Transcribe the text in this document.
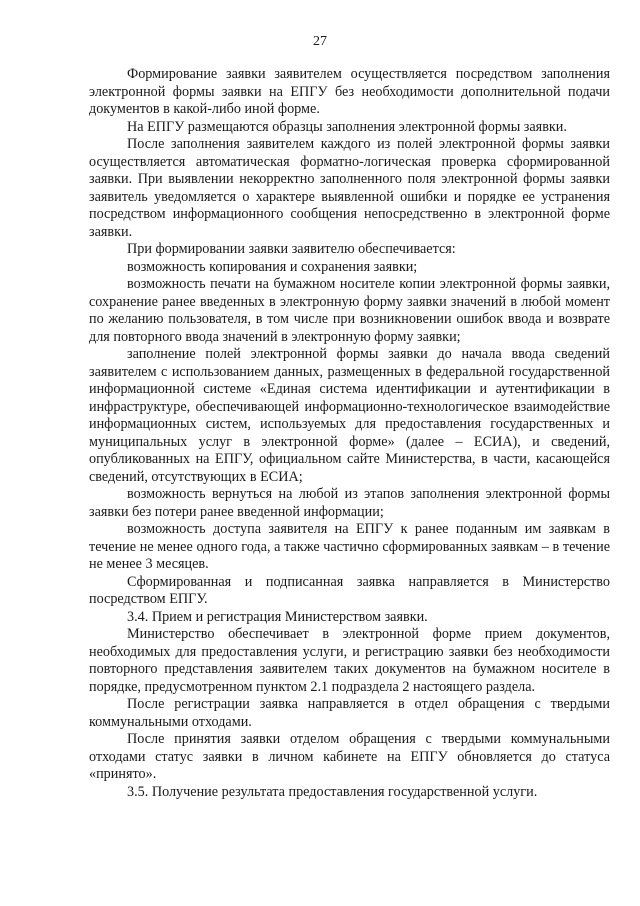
27

Формирование заявки заявителем осуществляется посредством заполнения электронной формы заявки на ЕПГУ без необходимости дополнительной подачи документов в какой-либо иной форме.

На ЕПГУ размещаются образцы заполнения электронной формы заявки.

После заполнения заявителем каждого из полей электронной формы заявки осуществляется автоматическая форматно-логическая проверка сформированной заявки. При выявлении некорректно заполненного поля электронной формы заявки заявитель уведомляется о характере выявленной ошибки и порядке ее устранения посредством информационного сообщения непосредственно в электронной форме заявки.

При формировании заявки заявителю обеспечивается:

возможность копирования и сохранения заявки;

возможность печати на бумажном носителе копии электронной формы заявки, сохранение ранее введенных в электронную форму заявки значений в любой момент по желанию пользователя, в том числе при возникновении ошибок ввода и возврате для повторного ввода значений в электронную форму заявки;

заполнение полей электронной формы заявки до начала ввода сведений заявителем с использованием данных, размещенных в федеральной государственной информационной системе «Единая система идентификации и аутентификации в инфраструктуре, обеспечивающей информационно-технологическое взаимодействие информационных систем, используемых для предоставления государственных и муниципальных услуг в электронной форме» (далее – ЕСИА), и сведений, опубликованных на ЕПГУ, официальном сайте Министерства, в части, касающейся сведений, отсутствующих в ЕСИА;

возможность вернуться на любой из этапов заполнения электронной формы заявки без потери ранее введенной информации;

возможность доступа заявителя на ЕПГУ к ранее поданным им заявкам в течение не менее одного года, а также частично сформированных заявкам – в течение не менее 3 месяцев.

Сформированная и подписанная заявка направляется в Министерство посредством ЕПГУ.

3.4. Прием и регистрация Министерством заявки.

Министерство обеспечивает в электронной форме прием документов, необходимых для предоставления услуги, и регистрацию заявки без необходимости повторного представления заявителем таких документов на бумажном носителе в порядке, предусмотренном пунктом 2.1 подраздела 2 настоящего раздела.

После регистрации заявка направляется в отдел обращения с твердыми коммунальными отходами.

После принятия заявки отделом обращения с твердыми коммунальными отходами статус заявки в личном кабинете на ЕПГУ обновляется до статуса «принято».

3.5. Получение результата предоставления государственной услуги.
